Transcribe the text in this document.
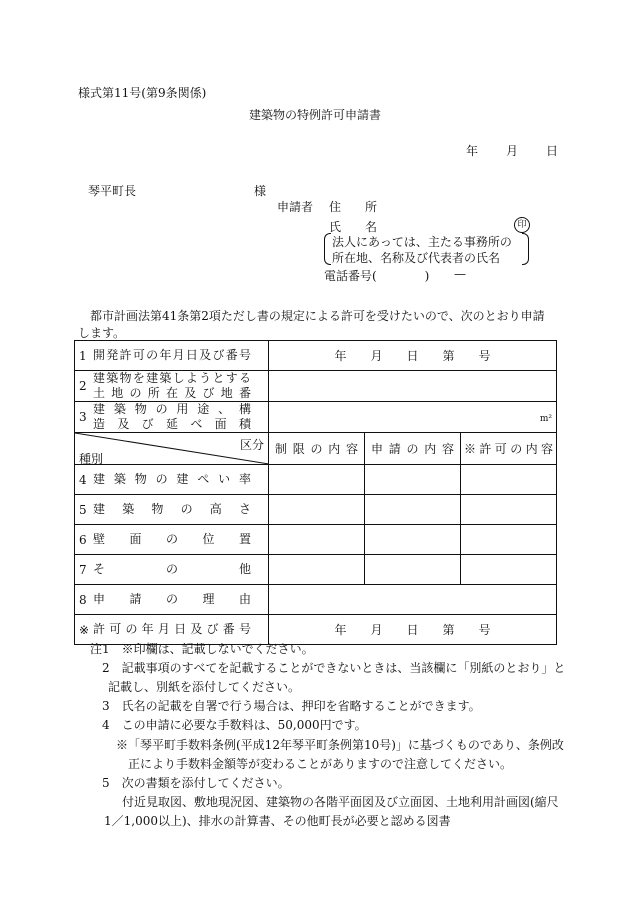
様式第11号(第9条関係)
建築物の特例許可申請書
年 月 日
琴平町長	様
申請者 住　　所
氏　　名	印
法人にあっては、主たる事務所の
所在地、名称及び代表者の氏名
電話番号(　　　　) —
都市計画法第41条第2項ただし書の規定による許可を受けたいので、次のとおり申請します。
1 開発許可の年月日及び番号	年　　月　　日　　第　　号		
2
建築物を建築しようとする
土地の所在及び地番			

3
建築物の用途、構
造及び延べ面積	m²		

区分
種別	制限の内容	申請の内容	※許可の内容

4 建築物の建ぺい率			
5 建築物の高さ			
6 壁面の位置			
7 その他			
8 申請の理由			
※ 許可の年月日及び番号	年　　月　　日　　第　　号		
注1　※印欄は、記載しないでください。
2　記載事項のすべてを記載することができないときは、当該欄に「別紙のとおり」と
記載し、別紙を添付してください。
3　氏名の記載を自署で行う場合は、押印を省略することができます。
4　この申請に必要な手数料は、50,000円です。
※「琴平町手数料条例(平成12年琴平町条例第10号)」に基づくものであり、条例改
正により手数料金額等が変わることがありますので注意してください。
5　次の書類を添付してください。
付近見取図、敷地現況図、建築物の各階平面図及び立面図、土地利用計画図(縮尺
1／1,000以上)、排水の計算書、その他町長が必要と認める図書
